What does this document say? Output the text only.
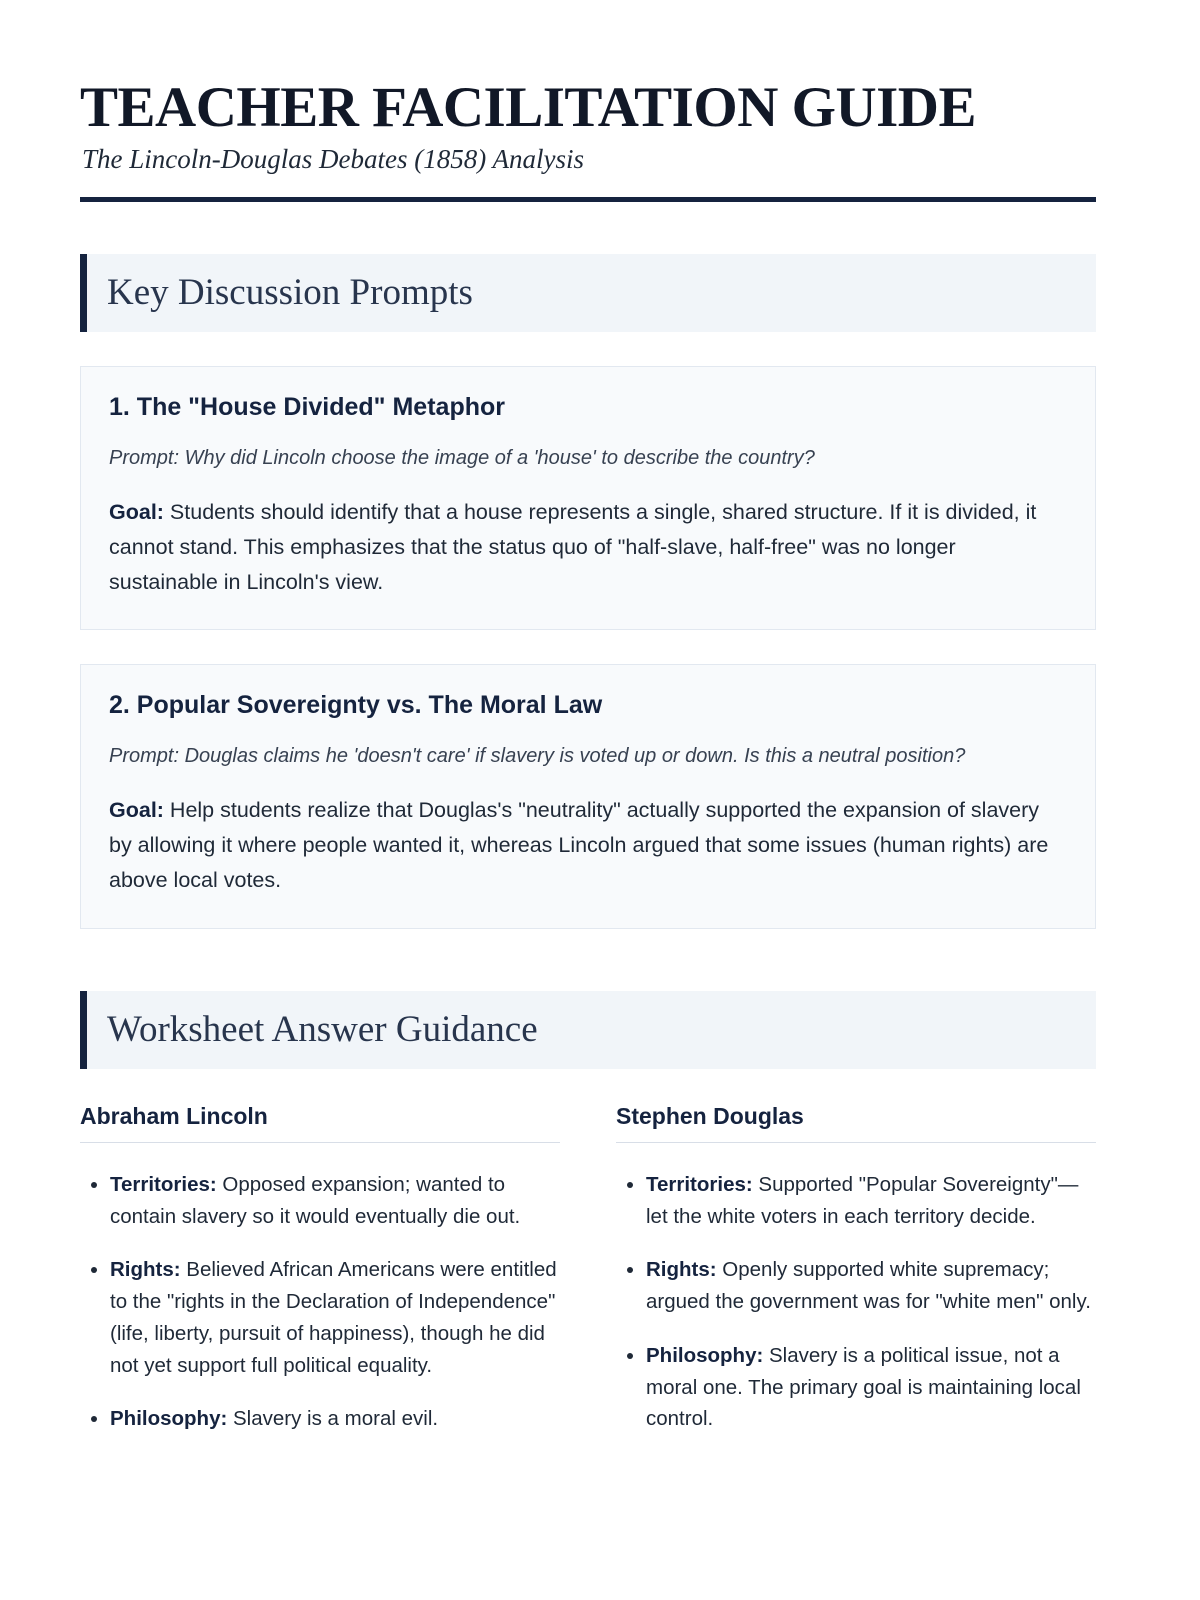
TEACHER FACILITATION GUIDE
The Lincoln-Douglas Debates (1858) Analysis
Key Discussion Prompts
1. The "House Divided" Metaphor
Prompt: Why did Lincoln choose the image of a 'house' to describe the country?

Goal: Students should identify that a house represents a single, shared structure. If it is divided, it cannot stand. This emphasizes that the status quo of "half-slave, half-free" was no longer sustainable in Lincoln's view.

2. Popular Sovereignty vs. The Moral Law
Prompt: Douglas claims he 'doesn't care' if slavery is voted up or down. Is this a neutral position?

Goal: Help students realize that Douglas's "neutrality" actually supported the expansion of slavery by allowing it where people wanted it, whereas Lincoln argued that some issues (human rights) are above local votes.

Worksheet Answer Guidance
Abraham Lincoln
• Territories: Opposed expansion; wanted to contain slavery so it would eventually die out.
• Rights: Believed African Americans were entitled to the "rights in the Declaration of Independence" (life, liberty, pursuit of happiness), though he did not yet support full political equality.
• Philosophy: Slavery is a moral evil.
Stephen Douglas
• Territories: Supported "Popular Sovereignty"—let the white voters in each territory decide.
• Rights: Openly supported white supremacy; argued the government was for "white men" only.
• Philosophy: Slavery is a political issue, not a moral one. The primary goal is maintaining local control.
